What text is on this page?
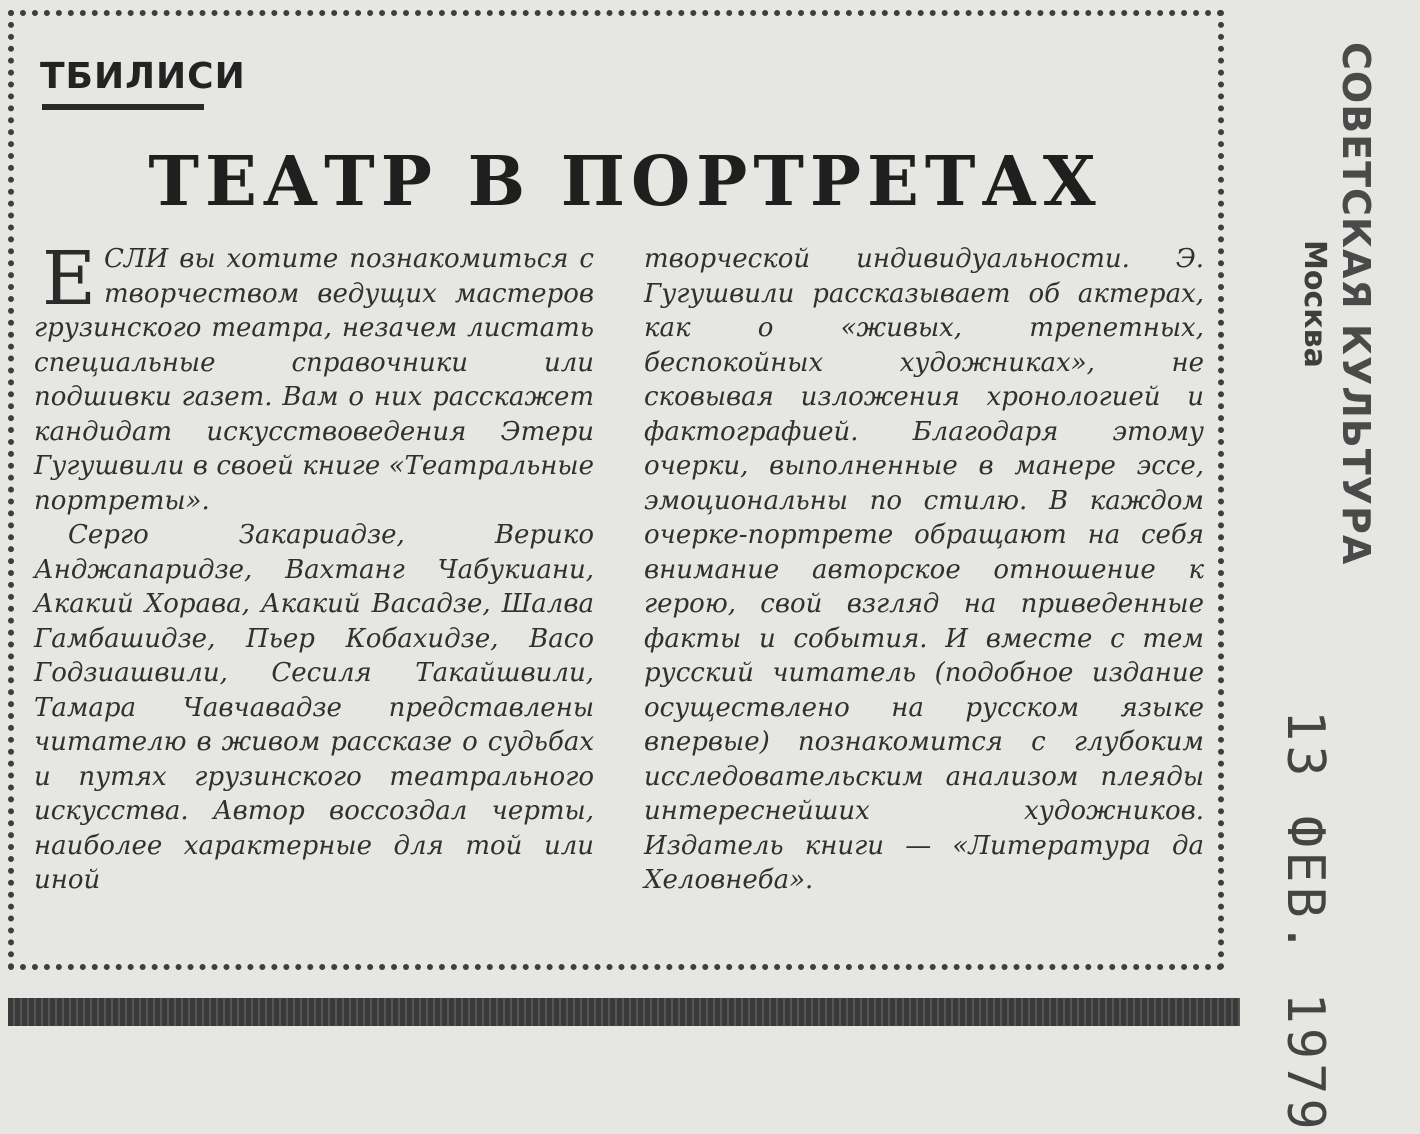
ТБИЛИСИ
ТЕАТР В ПОРТРЕТАХ

ЕСЛИ вы хотите познакомиться с творчеством ведущих мастеров грузинского театра, незачем листать специальные справочники или подшивки газет. Вам о них расскажет кандидат искусствоведения Этери Гугушвили в своей книге «Театральные портреты».

Серго Закариадзе, Верико Анджапаридзе, Вахтанг Чабукиани, Акакий Хорава, Акакий Васадзе, Шалва Гамбашидзе, Пьер Кобахидзе, Васо Годзиашвили, Сесиля Такайшвили, Тамара Чавчавадзе представлены читателю в живом рассказе о судьбах и путях грузинского театрального искусства. Автор воссоздал черты, наиболее характерные для той или иной

творческой индивидуальности. Э. Гугушвили рассказывает об актерах, как о «живых, трепетных, беспокойных художниках», не сковывая изложения хронологией и фактографией. Благодаря этому очерки, выполненные в манере эссе, эмоциональны по стилю. В каждом очерке-портрете обращают на себя внимание авторское отношение к герою, свой взгляд на приведенные факты и события. И вместе с тем русский читатель (подобное издание осуществлено на русском языке впервые) познакомится с глубоким исследовательским анализом плеяды интереснейших художников. Издатель книги — «Литература да Хеловнеба».

СОВЕТСКАЯ КУЛЬТУРА
Москва
13 ФЕВ. 1979
